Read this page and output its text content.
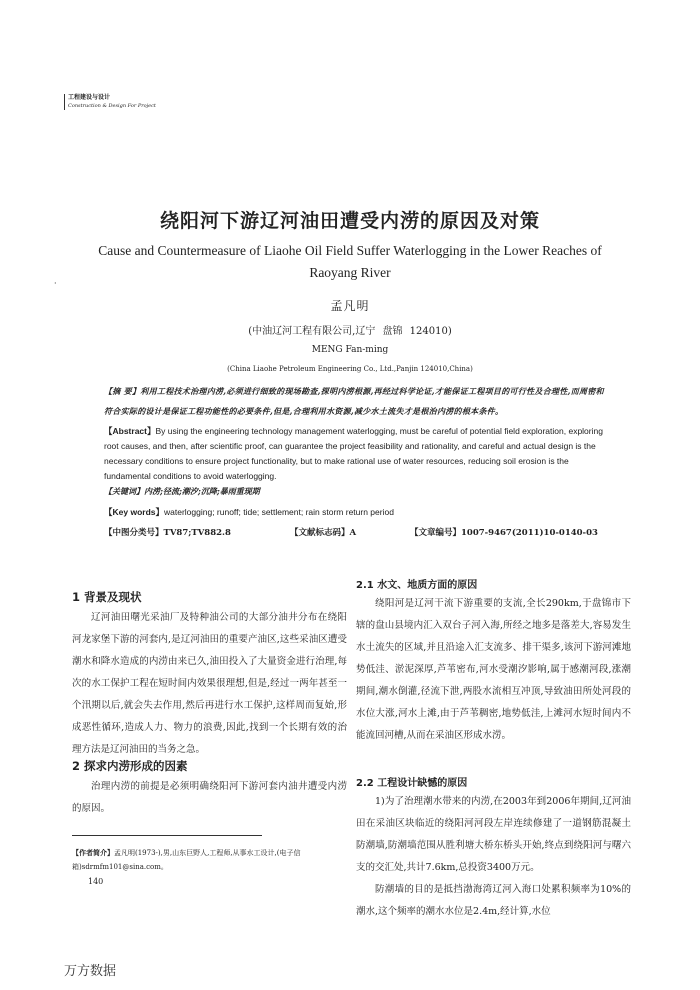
工程建设与设计
Construction & Design For Project
绕阳河下游辽河油田遭受内涝的原因及对策
Cause and Countermeasure of Liaohe Oil Field Suffer Waterlogging in the Lower Reaches of Raoyang River
·
孟凡明
(中油辽河工程有限公司,辽宁 盘锦 124010)
MENG Fan-ming
(China Liaohe Petroleum Engineering Co., Ltd.,Panjin 124010,China)
【摘 要】利用工程技术治理内涝,必须进行细致的现场勘查,探明内涝根源,再经过科学论证,才能保证工程项目的可行性及合理性,而周密和符合实际的设计是保证工程功能性的必要条件,但是,合理利用水资源,减少水土流失才是根治内涝的根本条件。
【Abstract】By using the engineering technology management waterlogging, must be careful of potential field exploration, exploring root causes, and then, after scientific proof, can guarantee the project feasibility and rationality, and careful and actual design is the necessary conditions to ensure project functionality, but to make rational use of water resources, reducing soil erosion is the fundamental conditions to avoid waterlogging.
【关键词】内涝;径流;潮汐;沉降;暴雨重现期
【Key words】waterlogging; runoff; tide; settlement; rain storm return period
【中图分类号】TV87;TV882.8	【文献标志码】A	【文章编号】1007-9467(2011)10-0140-03
1 背景及现状
辽河油田曙光采油厂及特种油公司的大部分油井分布在绕阳河龙家堡下游的河套内,是辽河油田的重要产油区,这些采油区遭受潮水和降水造成的内涝由来已久,油田投入了大量资金进行治理,每次的水工保护工程在短时间内效果很理想,但是,经过一两年甚至一个汛期以后,就会失去作用,然后再进行水工保护,这样周而复始,形成恶性循环,造成人力、物力的浪费,因此,找到一个长期有效的治理方法是辽河油田的当务之急。
2 探求内涝形成的因素
治理内涝的前提是必须明确绕阳河下游河套内油井遭受内涝的原因。
【作者简介】孟凡明(1973-),男,山东巨野人,工程师,从事水工设计,(电子信箱)sdrmfm101@sina.com。
140
2.1 水文、地质方面的原因
绕阳河是辽河干流下游重要的支流,全长290km,于盘锦市下辖的盘山县境内汇入双台子河入海,所经之地多是落差大,容易发生水土流失的区域,并且沿途入汇支流多、排干渠多,该河下游河滩地势低洼、淤泥深厚,芦苇密布,河水受潮汐影响,属于感潮河段,涨潮期间,潮水倒灌,径流下泄,两股水流相互冲顶,导致油田所处河段的水位大涨,河水上滩,由于芦苇稠密,地势低洼,上滩河水短时间内不能流回河槽,从而在采油区形成水涝。
2.2 工程设计缺憾的原因
1)为了治理潮水带来的内涝,在2003年到2006年期间,辽河油田在采油区块临近的绕阳河河段左岸连续修建了一道钢筋混凝土防潮墙,防潮墙范围从胜利塘大桥东桥头开始,终点到绕阳河与曙六支的交汇处,共计7.6km,总投资3400万元。
防潮墙的目的是抵挡渤海湾辽河入海口处累积频率为10%的潮水,这个频率的潮水水位是2.4m,经计算,水位
万方数据
